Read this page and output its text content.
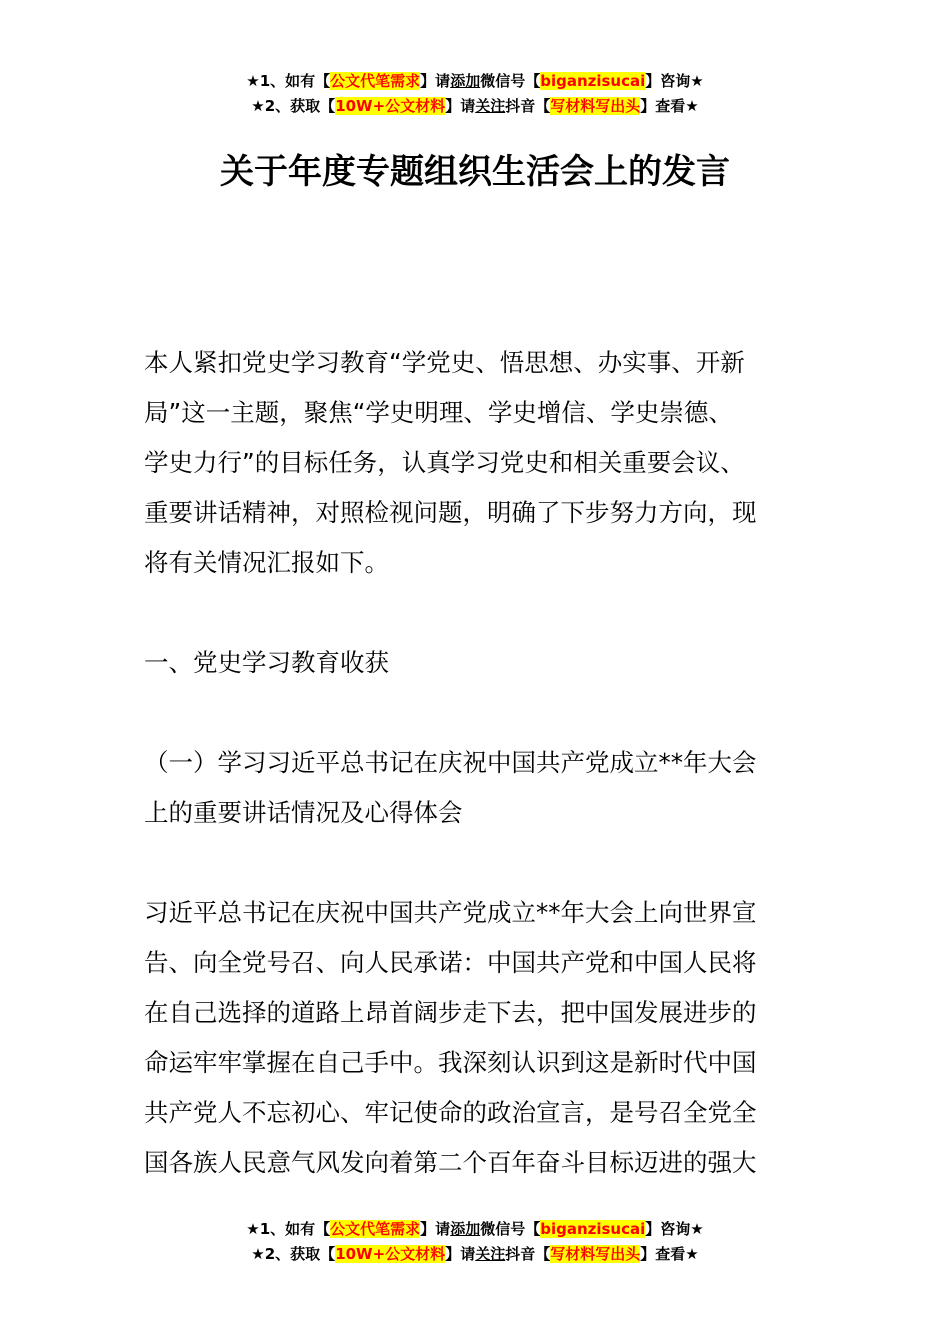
★1、如有【公文代笔需求】请添加微信号【biganzisucai】咨询★
★2、获取【10W+公文材料】请关注抖音【写材料写出头】查看★
关于年度专题组织生活会上的发言

本人紧扣党史学习教育“学党史、悟思想、办实事、开新

局”这一主题，聚焦“学史明理、学史增信、学史崇德、

学史力行”的目标任务，认真学习党史和相关重要会议、

重要讲话精神，对照检视问题，明确了下步努力方向，现

将有关情况汇报如下。

一、党史学习教育收获

（一）学习习近平总书记在庆祝中国共产党成立**年大会

上的重要讲话情况及心得体会

习近平总书记在庆祝中国共产党成立**年大会上向世界宣

告、向全党号召、向人民承诺：中国共产党和中国人民将

在自己选择的道路上昂首阔步走下去，把中国发展进步的

命运牢牢掌握在自己手中。我深刻认识到这是新时代中国

共产党人不忘初心、牢记使命的政治宣言，是号召全党全

国各族人民意气风发向着第二个百年奋斗目标迈进的强大

★1、如有【公文代笔需求】请添加微信号【biganzisucai】咨询★
★2、获取【10W+公文材料】请关注抖音【写材料写出头】查看★
